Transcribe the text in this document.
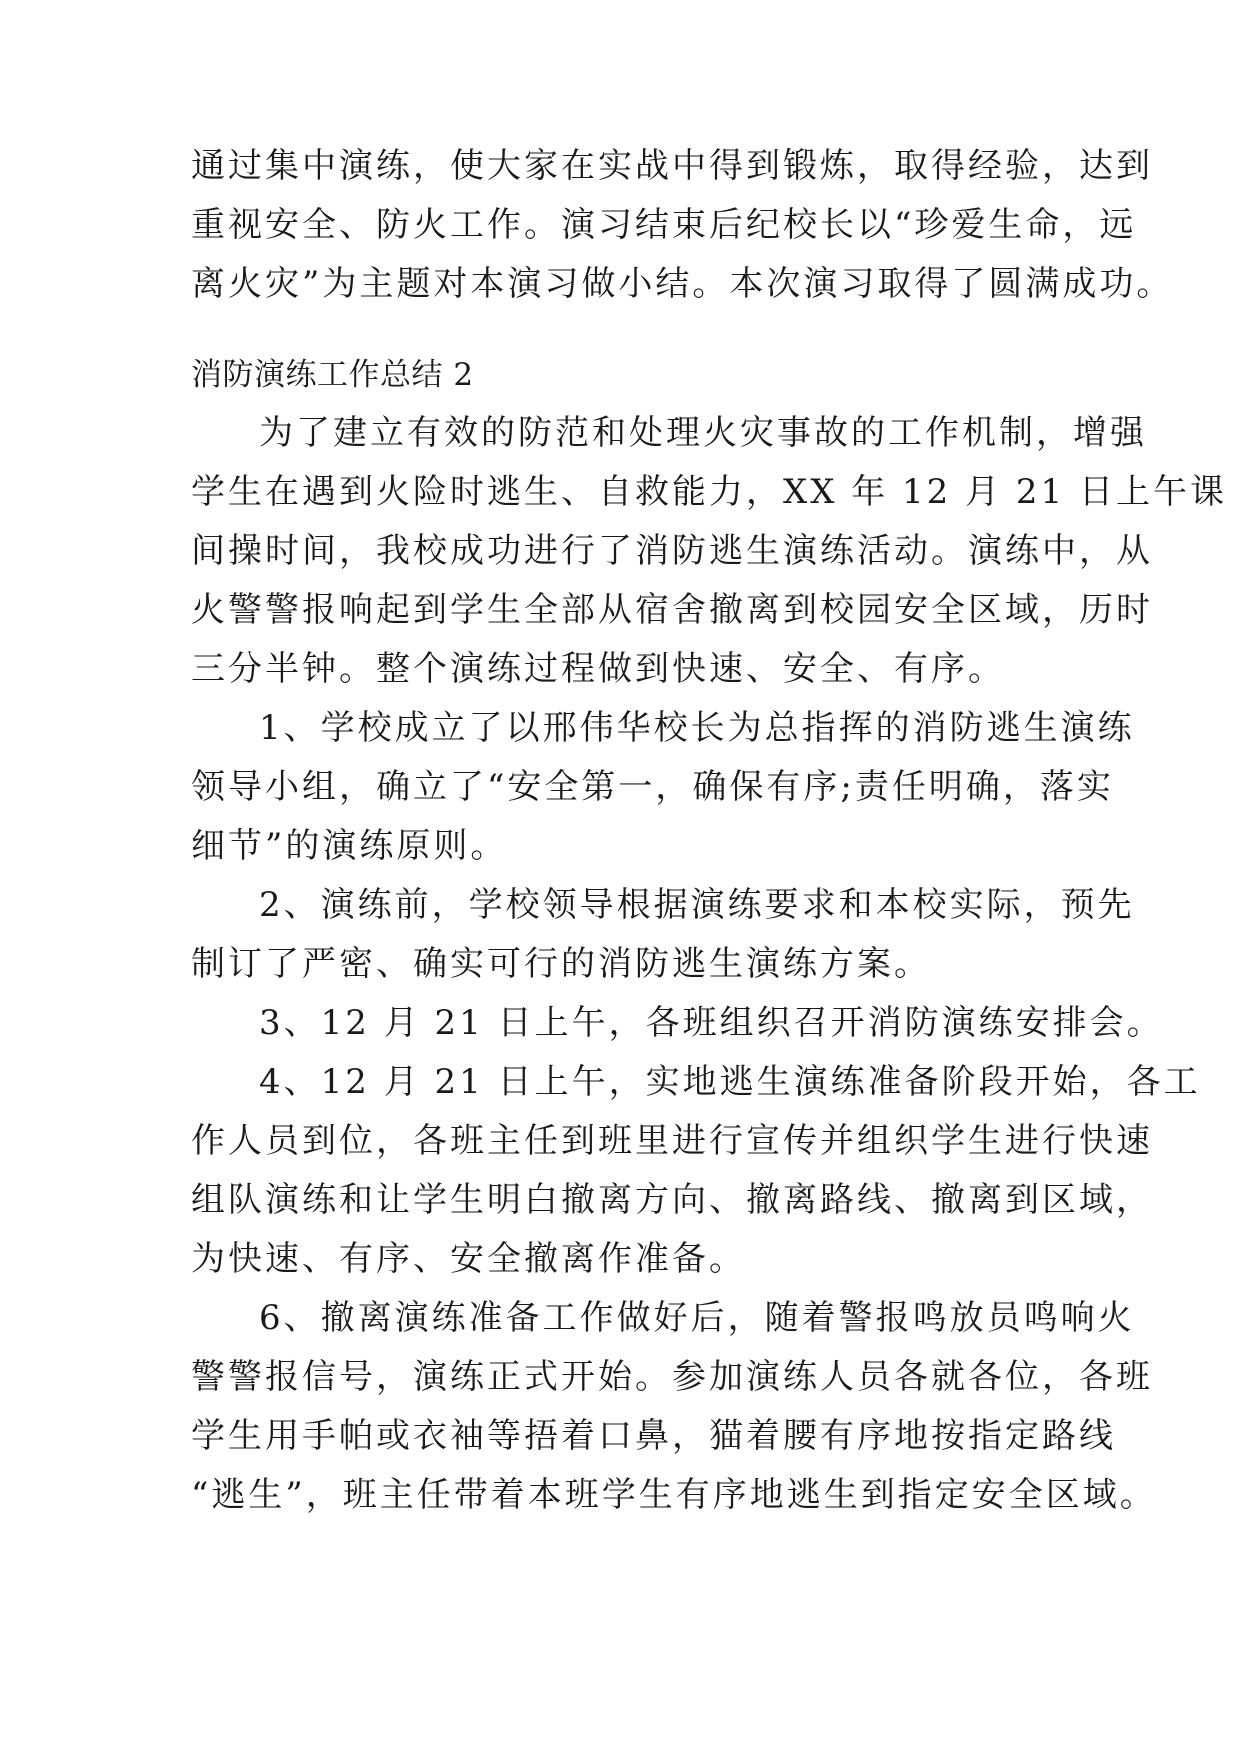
通过集中演练，使大家在实战中得到锻炼，取得经验，达到
重视安全、防火工作。演习结束后纪校长以“珍爱生命，远
离火灾”为主题对本演习做小结。本次演习取得了圆满成功。
消防演练工作总结 2
为了建立有效的防范和处理火灾事故的工作机制，增强
学生在遇到火险时逃生、自救能力，XX 年 12 月 21 日上午课
间操时间，我校成功进行了消防逃生演练活动。演练中，从
火警警报响起到学生全部从宿舍撤离到校园安全区域，历时
三分半钟。整个演练过程做到快速、安全、有序。
1、学校成立了以邢伟华校长为总指挥的消防逃生演练
领导小组，确立了“安全第一，确保有序;责任明确，落实
细节”的演练原则。
2、演练前，学校领导根据演练要求和本校实际，预先
制订了严密、确实可行的消防逃生演练方案。
3、12 月 21 日上午，各班组织召开消防演练安排会。
4、12 月 21 日上午，实地逃生演练准备阶段开始，各工
作人员到位，各班主任到班里进行宣传并组织学生进行快速
组队演练和让学生明白撤离方向、撤离路线、撤离到区域，
为快速、有序、安全撤离作准备。
6、撤离演练准备工作做好后，随着警报鸣放员鸣响火
警警报信号，演练正式开始。参加演练人员各就各位，各班
学生用手帕或衣袖等捂着口鼻，猫着腰有序地按指定路线
“逃生”，班主任带着本班学生有序地逃生到指定安全区域。
